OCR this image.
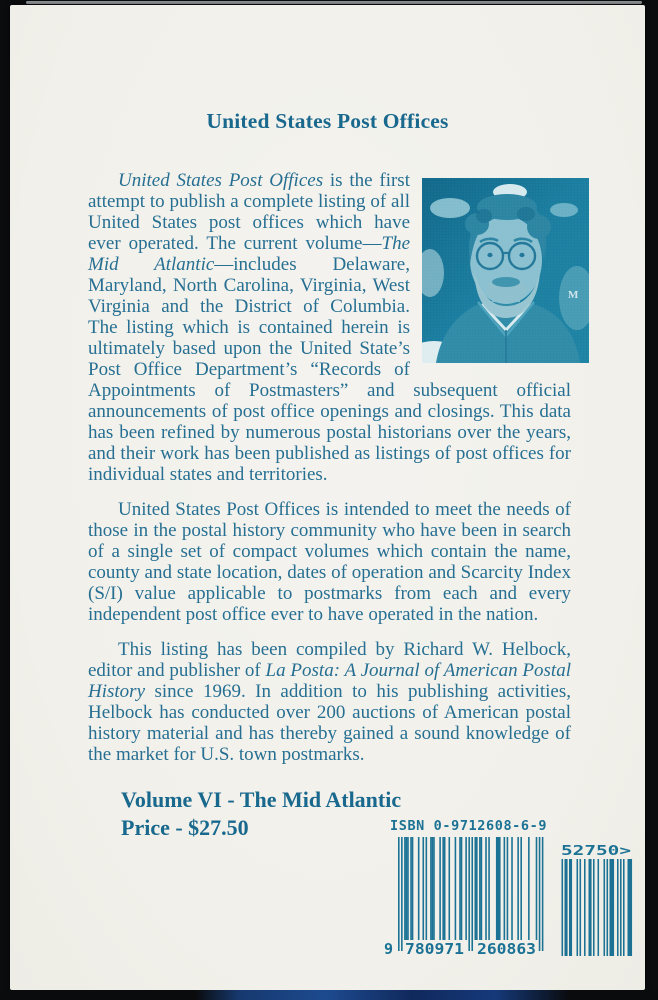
United States Post Offices

United States Post Offices is the first attempt to publish a complete listing of all United States post offices which have ever operated. The current volume—The Mid Atlantic—includes Delaware, Maryland, North Carolina, Virginia, West Virginia and the District of Columbia. The listing which is contained herein is ultimately based upon the United State’s Post Office Department’s “Records of Appointments of Postmasters” and subsequent official announcements of post office openings and closings. This data has been refined by numerous postal historians over the years, and their work has been published as listings of post offices for individual states and territories.

United States Post Offices is intended to meet the needs of those in the postal history community who have been in search of a single set of compact volumes which contain the name, county and state location, dates of operation and Scarcity Index (S/I) value applicable to postmarks from each and every independent post office ever to have operated in the nation.

This listing has been compiled by Richard W. Helbock, editor and publisher of La Posta: A Journal of American Postal History since 1969. In addition to his publishing activities, Helbock has conducted over 200 auctions of American postal history material and has thereby gained a sound knowledge of the market for U.S. town postmarks.

Volume VI - The Mid Atlantic
Price - $27.50	ISBN 0-9712608-6-9
9 780971 260863
52750>
